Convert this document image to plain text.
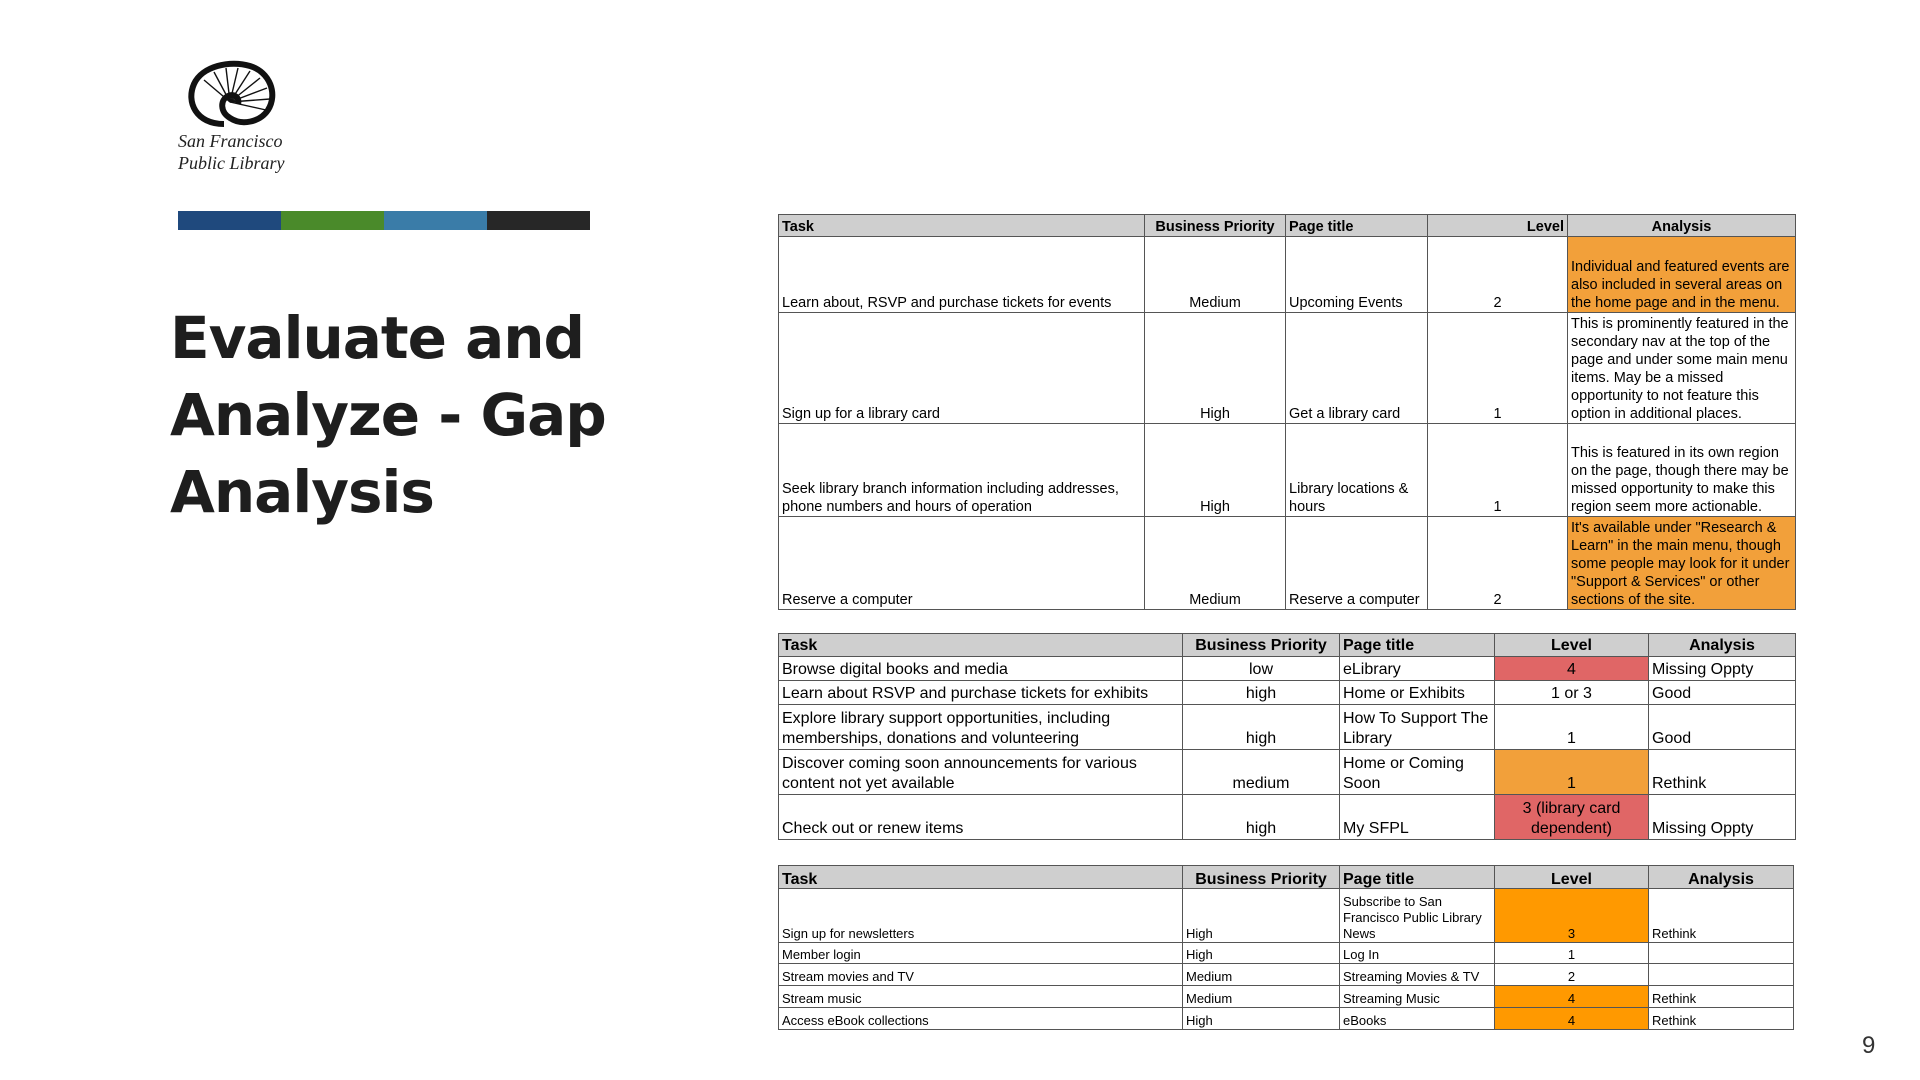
San Francisco
Public Library
Evaluate and Analyze - Gap Analysis
Task	Business Priority	Page title	Level	Analysis
Learn about, RSVP and purchase tickets for events	Medium	Upcoming Events	2	Individual and featured events are also included in several areas on the home page and in the menu.
Sign up for a library card	High	Get a library card	1	This is prominently featured in the secondary nav at the top of the page and under some main menu items. May be a missed opportunity to not feature this option in additional places.
Seek library branch information including addresses, phone numbers and hours of operation	High	Library locations & hours	1	This is featured in its own region on the page, though there may be missed opportunity to make this region seem more actionable.
Reserve a computer	Medium	Reserve a computer	2	It's available under "Research & Learn" in the main menu, though some people may look for it under "Support & Services" or other sections of the site.
Task	Business Priority	Page title	Level	Analysis
Browse digital books and media	low	eLibrary	4	Missing Oppty
Learn about RSVP and purchase tickets for exhibits	high	Home or Exhibits	1 or 3	Good
Explore library support opportunities, including memberships, donations and volunteering	high	How To Support The Library	1	Good
Discover coming soon announcements for various content not yet available	medium	Home or Coming Soon	1	Rethink
Check out or renew items	high	My SFPL	3 (library card dependent)	Missing Oppty
Task	Business Priority	Page title	Level	Analysis
Sign up for newsletters	High	Subscribe to San Francisco Public Library News	3	Rethink
Member login	High	Log In	1	
Stream movies and TV	Medium	Streaming Movies & TV	2	
Stream music	Medium	Streaming Music	4	Rethink
Access eBook collections	High	eBooks	4	Rethink
9
